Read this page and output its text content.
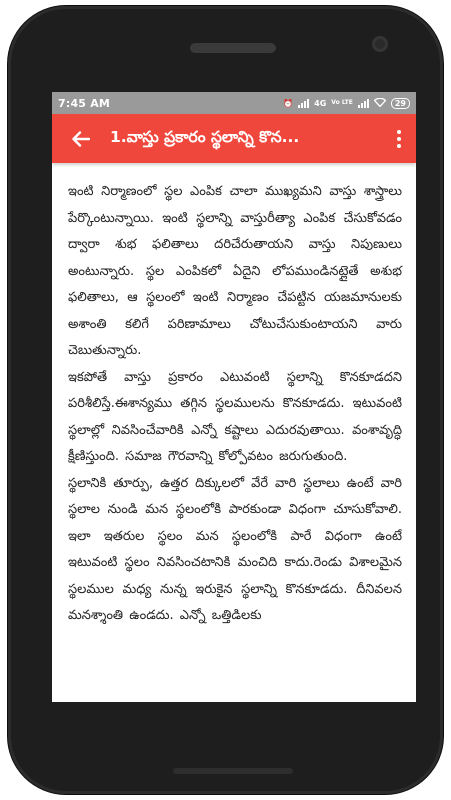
7:45 AM	⏰	4G Vo LTE	29
1.వాస్తు ప్రకారం స్థలాన్ని కొన...

ఇంటి నిర్మాణంలో స్థల ఎంపిక చాలా ముఖ్యమని వాస్తు శాస్త్రాలు పేర్కొంటున్నాయి. ఇంటి స్థలాన్ని వాస్తురీత్యా ఎంపిక చేసుకోవడం ద్వారా శుభ ఫలితాలు దరిచేరుతాయని వాస్తు నిపుణులు అంటున్నారు. స్థల ఎంపికలో ఏదైని లోపముండినట్లైతే అశుభ ఫలితాలు, ఆ స్థలంలో ఇంటి నిర్మాణం చేపట్టిన యజమానులకు అశాంతి కలిగే పరిణామాలు చోటుచేసుకుంటాయని వారు చెబుతున్నారు.

ఇకపోతే వాస్తు ప్రకారం ఎటువంటి స్థలాన్ని కొనకూడదని పరిశీలిస్తే.ఈశాన్యము తగ్గిన స్థలములను కొనకూడదు. ఇటువంటి స్థలాల్లో నివసించేవారికి ఎన్నో కష్టాలు ఎదురవుతాయి. వంశావృద్ధి క్షీణిస్తుంది. సమాజ గౌరవాన్ని కోల్పోవటం జరుగుతుంది.

స్థలానికి తూర్పు, ఉత్తర దిక్కులలో వేరే వారి స్థలాలు ఉంటే వారి స్థలాల నుండి మన స్థలంలోకి పారకుండా విధంగా చూసుకోవాలి. ఇలా ఇతరుల స్థలం మన స్థలంలోకి పారే విధంగా ఉంటే ఇటువంటి స్థలం నివసించటానికి మంచిది కాదు.రెండు విశాలమైన స్థలముల మధ్య నున్న ఇరుకైన స్థలాన్ని కొనకూడదు. దీనివలన మనశ్శాంతి ఉండదు. ఎన్నో ఒత్తిడిలకు
